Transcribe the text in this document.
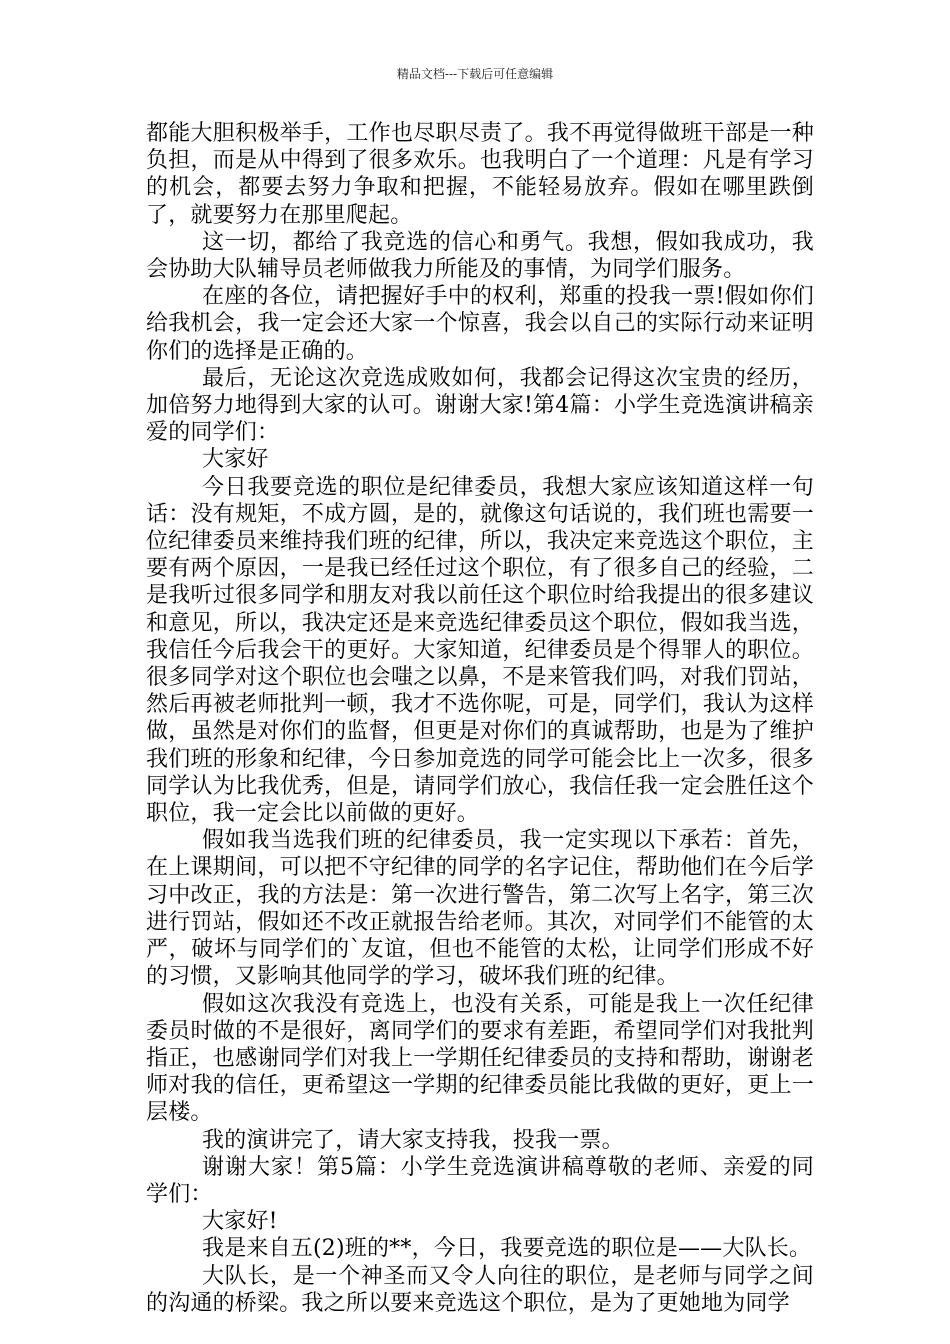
精品文档---下载后可任意编辑

都能大胆积极举手，工作也尽职尽责了。我不再觉得做班干部是一种负担，而是从中得到了很多欢乐。也我明白了一个道理：凡是有学习的机会，都要去努力争取和把握，不能轻易放弃。假如在哪里跌倒了，就要努力在那里爬起。

这一切，都给了我竞选的信心和勇气。我想，假如我成功，我会协助大队辅导员老师做我力所能及的事情，为同学们服务。

在座的各位，请把握好手中的权利，郑重的投我一票!假如你们给我机会，我一定会还大家一个惊喜，我会以自己的实际行动来证明你们的选择是正确的。

最后，无论这次竞选成败如何，我都会记得这次宝贵的经历，加倍努力地得到大家的认可。谢谢大家!第4篇：小学生竞选演讲稿亲爱的同学们：

大家好

今日我要竞选的职位是纪律委员，我想大家应该知道这样一句话：没有规矩，不成方圆，是的，就像这句话说的，我们班也需要一位纪律委员来维持我们班的纪律，所以，我决定来竞选这个职位，主要有两个原因，一是我已经任过这个职位，有了很多自己的经验，二是我听过很多同学和朋友对我以前任这个职位时给我提出的很多建议和意见，所以，我决定还是来竞选纪律委员这个职位，假如我当选，我信任今后我会干的更好。大家知道，纪律委员是个得罪人的职位。很多同学对这个职位也会嗤之以鼻，不是来管我们吗，对我们罚站，然后再被老师批判一顿，我才不选你呢，可是，同学们，我认为这样做，虽然是对你们的监督，但更是对你们的真诚帮助，也是为了维护我们班的形象和纪律，今日参加竞选的同学可能会比上一次多，很多同学认为比我优秀，但是，请同学们放心，我信任我一定会胜任这个职位，我一定会比以前做的更好。

假如我当选我们班的纪律委员，我一定实现以下承若：首先，在上课期间，可以把不守纪律的同学的名字记住，帮助他们在今后学习中改正，我的方法是：第一次进行警告，第二次写上名字，第三次进行罚站，假如还不改正就报告给老师。其次，对同学们不能管的太严，破坏与同学们的`友谊，但也不能管的太松，让同学们形成不好的习惯，又影响其他同学的学习，破坏我们班的纪律。

假如这次我没有竞选上，也没有关系，可能是我上一次任纪律委员时做的不是很好，离同学们的要求有差距，希望同学们对我批判指正，也感谢同学们对我上一学期任纪律委员的支持和帮助，谢谢老师对我的信任，更希望这一学期的纪律委员能比我做的更好，更上一层楼。

我的演讲完了，请大家支持我，投我一票。

谢谢大家！第5篇：小学生竞选演讲稿尊敬的老师、亲爱的同学们：

大家好!

我是来自五(2)班的**，今日，我要竞选的职位是——大队长。

大队长，是一个神圣而又令人向往的职位，是老师与同学之间的沟通的桥梁。我之所以要来竞选这个职位，是为了更她地为同学
